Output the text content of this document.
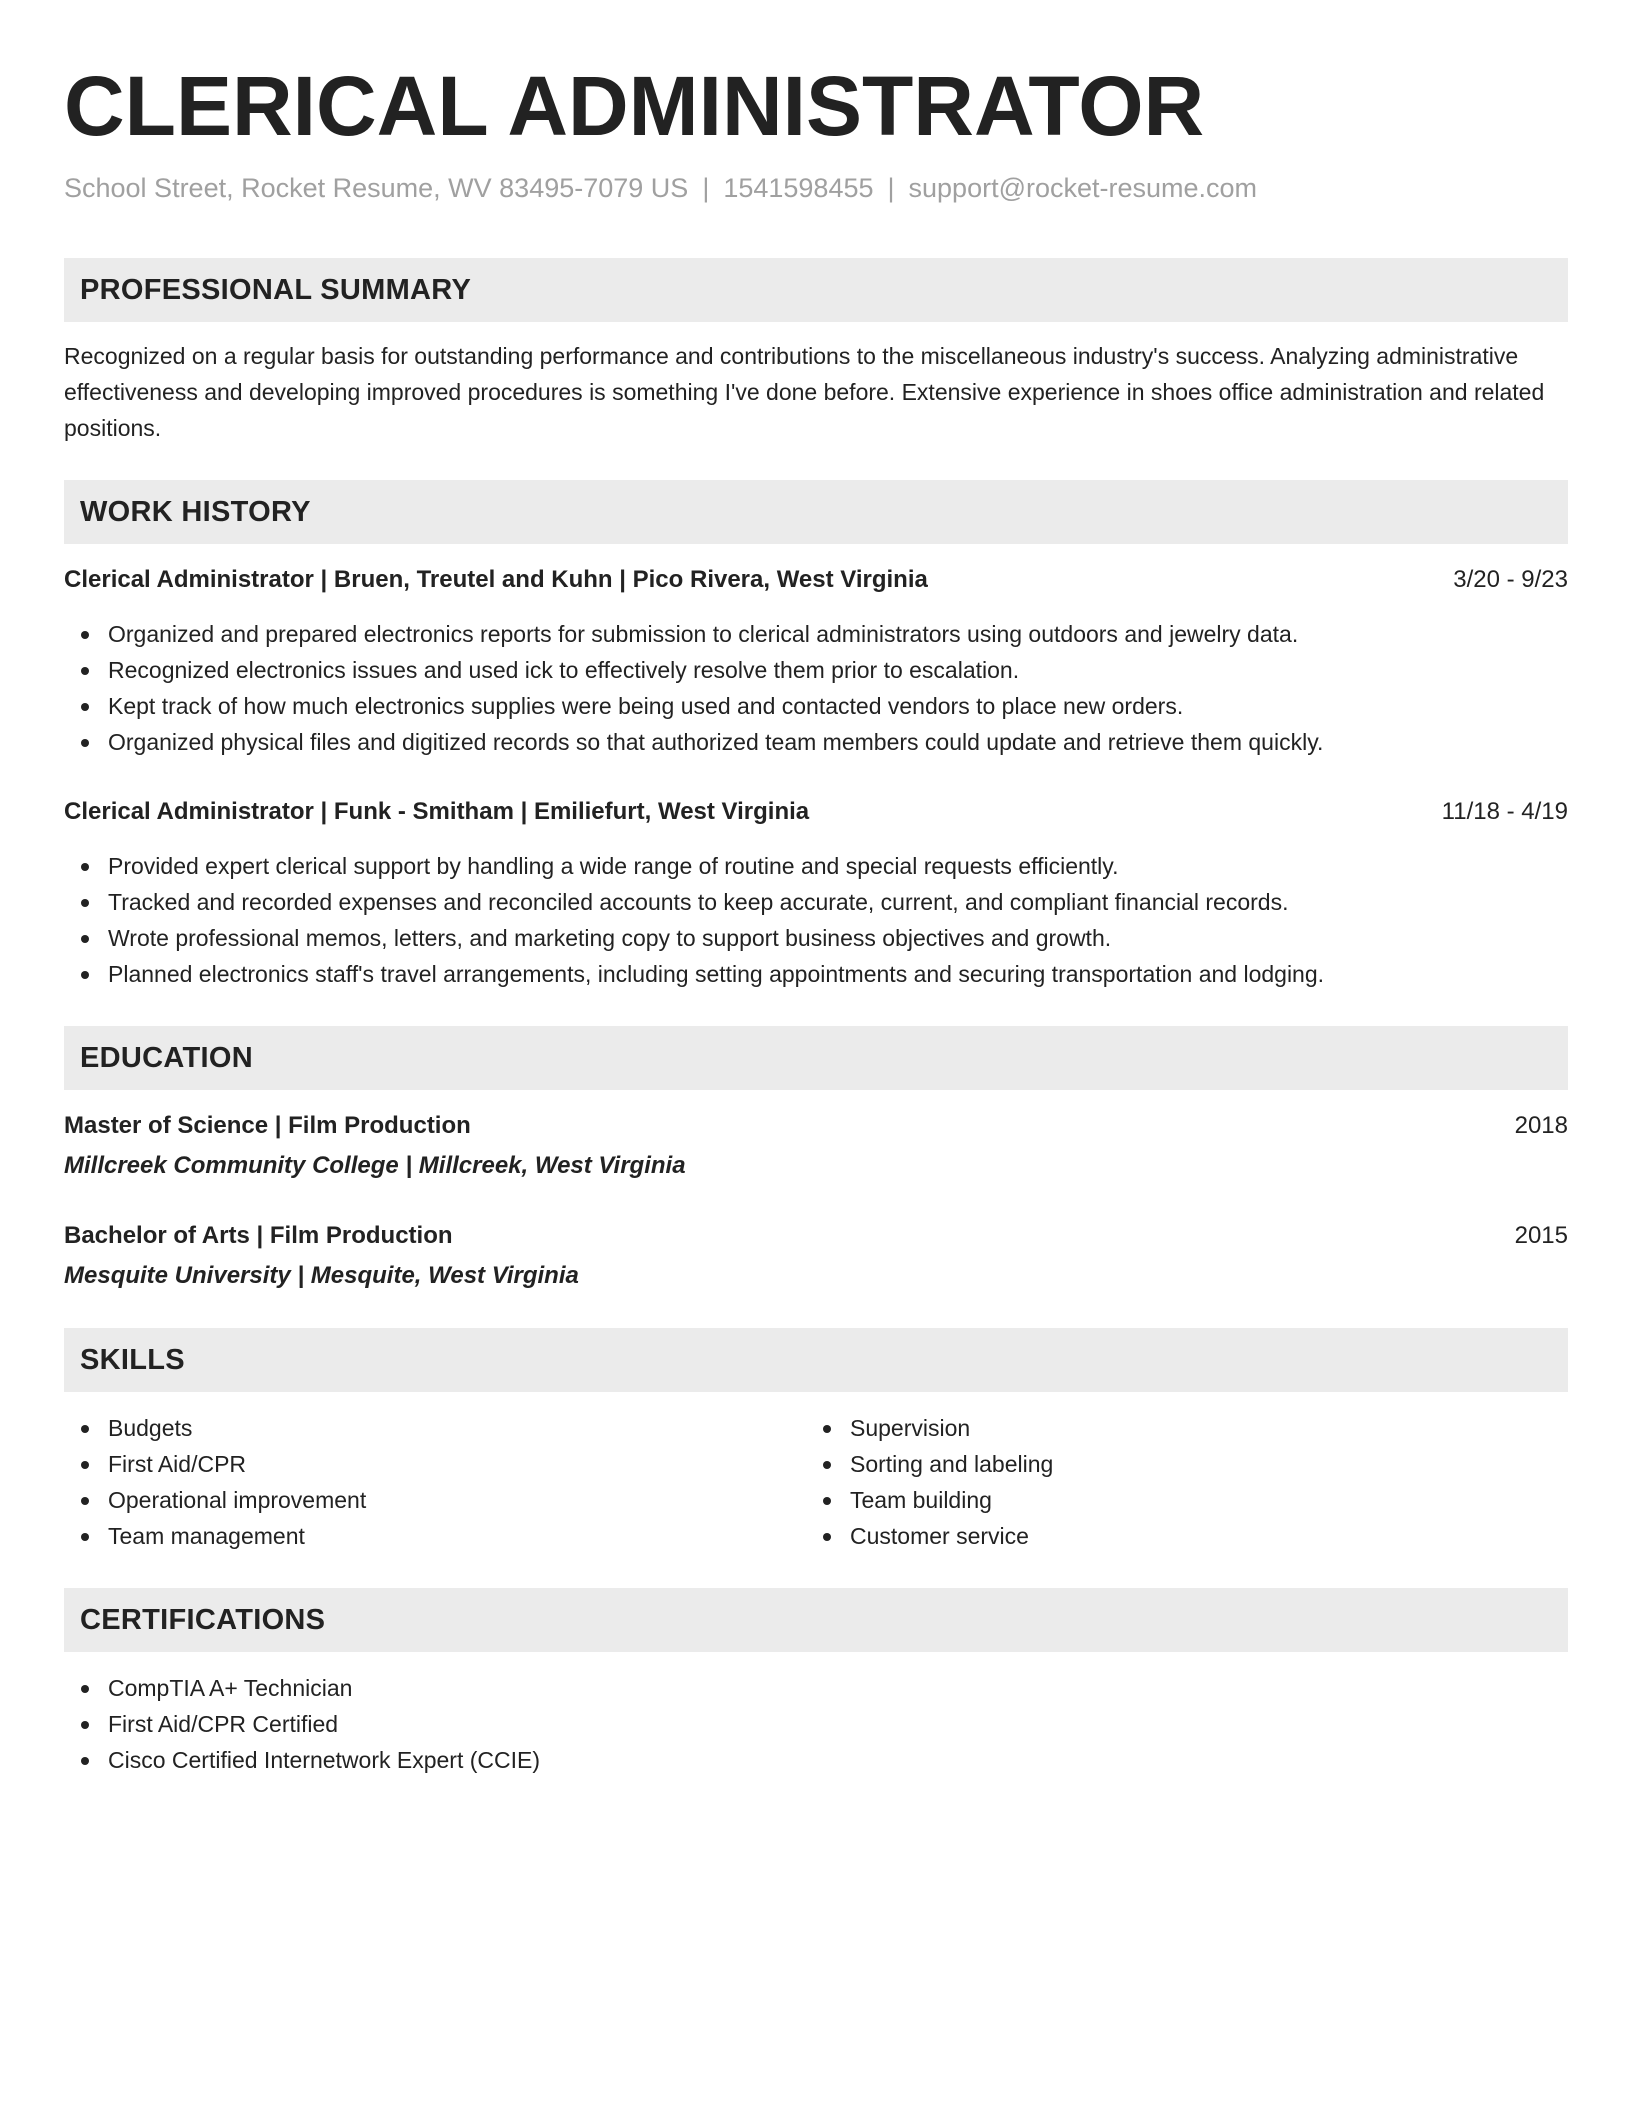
CLERICAL ADMINISTRATOR
School Street, Rocket Resume, WV 83495-7079 US | 1541598455 | support@rocket-resume.com
PROFESSIONAL SUMMARY
Recognized on a regular basis for outstanding performance and contributions to the miscellaneous industry's success. Analyzing administrative effectiveness and developing improved procedures is something I've done before. Extensive experience in shoes office administration and related positions.
WORK HISTORY
Clerical Administrator | Bruen, Treutel and Kuhn | Pico Rivera, West Virginia	3/20 - 9/23
Organized and prepared electronics reports for submission to clerical administrators using outdoors and jewelry data.
Recognized electronics issues and used ick to effectively resolve them prior to escalation.
Kept track of how much electronics supplies were being used and contacted vendors to place new orders.
Organized physical files and digitized records so that authorized team members could update and retrieve them quickly.
Clerical Administrator | Funk - Smitham | Emiliefurt, West Virginia	11/18 - 4/19
Provided expert clerical support by handling a wide range of routine and special requests efficiently.
Tracked and recorded expenses and reconciled accounts to keep accurate, current, and compliant financial records.
Wrote professional memos, letters, and marketing copy to support business objectives and growth.
Planned electronics staff's travel arrangements, including setting appointments and securing transportation and lodging.
EDUCATION
Master of Science | Film Production	2018
Millcreek Community College | Millcreek, West Virginia
Bachelor of Arts | Film Production	2015
Mesquite University | Mesquite, West Virginia
SKILLS
Budgets
First Aid/CPR
Operational improvement
Team management
Supervision
Sorting and labeling
Team building
Customer service
CERTIFICATIONS
CompTIA A+ Technician
First Aid/CPR Certified
Cisco Certified Internetwork Expert (CCIE)
